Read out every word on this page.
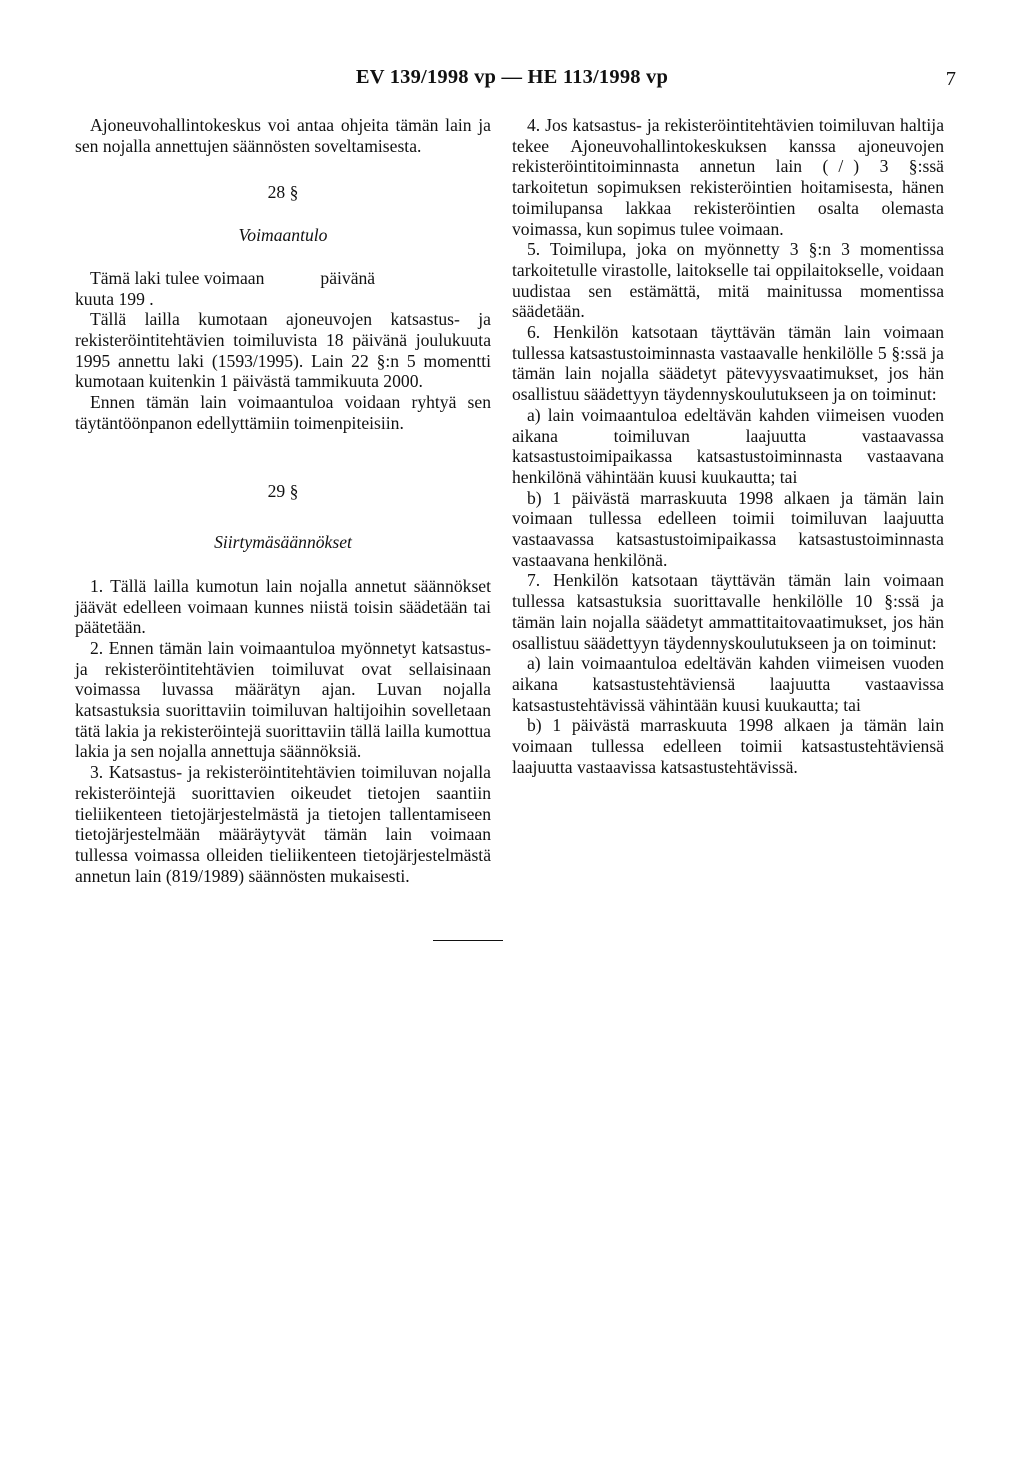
EV 139/1998 vp — HE 113/1998 vp	7

Ajoneuvohallintokeskus voi antaa ohjeita tämän lain ja sen nojalla annettujen säännösten soveltamisesta.

28 §

Voimaantulo

Tämä laki tulee voimaan	päivänä
kuuta 199 .

Tällä lailla kumotaan ajoneuvojen katsastus- ja rekisteröintitehtävien toimiluvista 18 päivänä joulukuuta 1995 annettu laki (1593/1995). Lain 22 §:n 5 momentti kumotaan kuitenkin 1 päivästä tammikuuta 2000.

Ennen tämän lain voimaantuloa voidaan ryhtyä sen täytäntöönpanon edellyttämiin toimenpiteisiin.

29 §

Siirtymäsäännökset

1. Tällä lailla kumotun lain nojalla annetut säännökset jäävät edelleen voimaan kunnes niistä toisin säädetään tai päätetään.

2. Ennen tämän lain voimaantuloa myönnetyt katsastus- ja rekisteröintitehtävien toimiluvat ovat sellaisinaan voimassa luvassa määrätyn ajan. Luvan nojalla katsastuksia suorittaviin toimiluvan haltijoihin sovelletaan tätä lakia ja rekisteröintejä suorittaviin tällä lailla kumottua lakia ja sen nojalla annettuja säännöksiä.

3. Katsastus- ja rekisteröintitehtävien toimiluvan nojalla rekisteröintejä suorittavien oikeudet tietojen saantiin tieliikenteen tietojärjestelmästä ja tietojen tallentamiseen tietojärjestelmään määräytyvät tämän lain voimaan tullessa voimassa olleiden tieliikenteen tietojärjestelmästä annetun lain (819/1989) säännösten mukaisesti.

4. Jos katsastus- ja rekisteröintitehtävien toimiluvan haltija tekee Ajoneuvohallintokeskuksen kanssa ajoneuvojen rekisteröintitoiminnasta annetun lain ( / ) 3 §:ssä tarkoitetun sopimuksen rekisteröintien hoitamisesta, hänen toimilupansa lakkaa rekisteröintien osalta olemasta voimassa, kun sopimus tulee voimaan.

5. Toimilupa, joka on myönnetty 3 §:n 3 momentissa tarkoitetulle virastolle, laitokselle tai oppilaitokselle, voidaan uudistaa sen estämättä, mitä mainitussa momentissa säädetään.

6. Henkilön katsotaan täyttävän tämän lain voimaan tullessa katsastustoiminnasta vastaavalle henkilölle 5 §:ssä ja tämän lain nojalla säädetyt pätevyysvaatimukset, jos hän osallistuu säädettyyn täydennyskoulutukseen ja on toiminut:

a) lain voimaantuloa edeltävän kahden viimeisen vuoden aikana toimiluvan laajuutta vastaavassa katsastustoimipaikassa katsastustoiminnasta vastaavana henkilönä vähintään kuusi kuukautta; tai

b) 1 päivästä marraskuuta 1998 alkaen ja tämän lain voimaan tullessa edelleen toimii toimiluvan laajuutta vastaavassa katsastustoimipaikassa katsastustoiminnasta vastaavana henkilönä.

7. Henkilön katsotaan täyttävän tämän lain voimaan tullessa katsastuksia suorittavalle henkilölle 10 §:ssä ja tämän lain nojalla säädetyt ammattitaitovaatimukset, jos hän osallistuu säädettyyn täydennyskoulutukseen ja on toiminut:

a) lain voimaantuloa edeltävän kahden viimeisen vuoden aikana katsastustehtäviensä laajuutta vastaavissa katsastustehtävissä vähintään kuusi kuukautta; tai

b) 1 päivästä marraskuuta 1998 alkaen ja tämän lain voimaan tullessa edelleen toimii katsastustehtäviensä laajuutta vastaavissa katsastustehtävissä.
